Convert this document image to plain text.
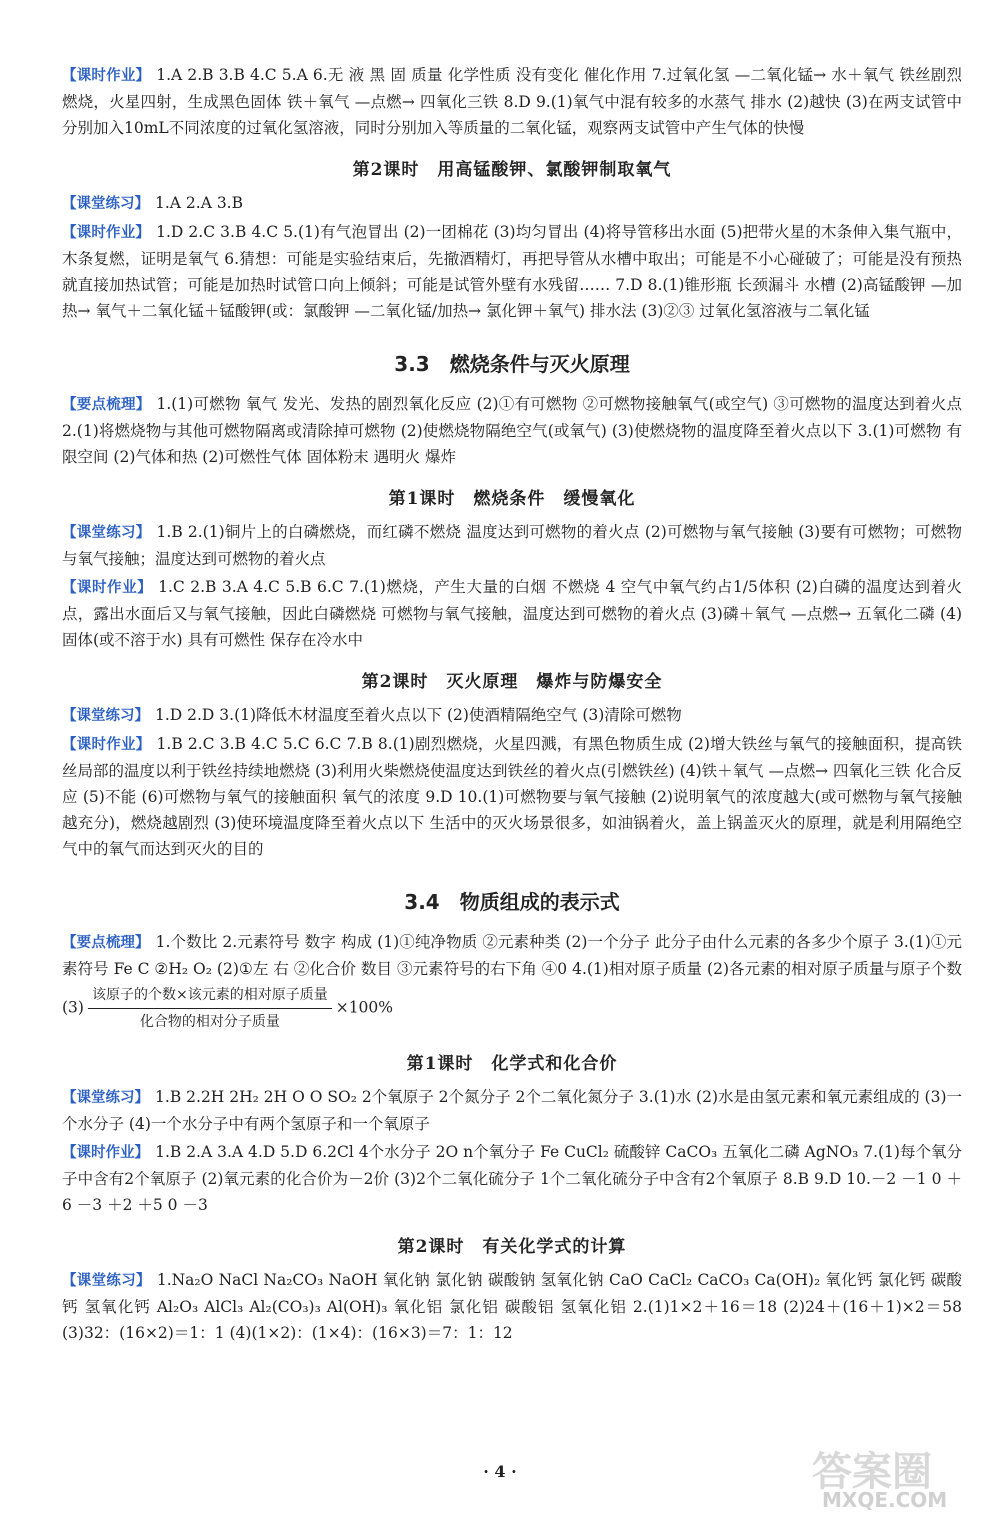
【课时作业】 1.A 2.B 3.B 4.C 5.A 6.无 液 黑 固 质量 化学性质 没有变化 催化作用 7.过氧化氢 —二氧化锰→ 水＋氧气 铁丝剧烈燃烧，火星四射，生成黑色固体 铁＋氧气 —点燃→ 四氧化三铁 8.D 9.(1)氧气中混有较多的水蒸气 排水 (2)越快 (3)在两支试管中分别加入10mL不同浓度的过氧化氢溶液，同时分别加入等质量的二氧化锰，观察两支试管中产生气体的快慢

第2课时　用高锰酸钾、氯酸钾制取氧气

【课堂练习】 1.A 2.A 3.B

【课时作业】 1.D 2.C 3.B 4.C 5.(1)有气泡冒出 (2)一团棉花 (3)均匀冒出 (4)将导管移出水面 (5)把带火星的木条伸入集气瓶中，木条复燃，证明是氧气 6.猜想：可能是实验结束后，先撤酒精灯，再把导管从水槽中取出；可能是不小心碰破了；可能是没有预热就直接加热试管；可能是加热时试管口向上倾斜；可能是试管外壁有水残留…… 7.D 8.(1)锥形瓶 长颈漏斗 水槽 (2)高锰酸钾 —加热→ 氧气＋二氧化锰＋锰酸钾(或：氯酸钾 —二氧化锰/加热→ 氯化钾＋氧气) 排水法 (3)②③ 过氧化氢溶液与二氧化锰

3.3　燃烧条件与灭火原理

【要点梳理】 1.(1)可燃物 氧气 发光、发热的剧烈氧化反应 (2)①有可燃物 ②可燃物接触氧气(或空气) ③可燃物的温度达到着火点 2.(1)将燃烧物与其他可燃物隔离或清除掉可燃物 (2)使燃烧物隔绝空气(或氧气) (3)使燃烧物的温度降至着火点以下 3.(1)可燃物 有限空间 (2)气体和热 (2)可燃性气体 固体粉末 遇明火 爆炸

第1课时　燃烧条件　缓慢氧化

【课堂练习】 1.B 2.(1)铜片上的白磷燃烧，而红磷不燃烧 温度达到可燃物的着火点 (2)可燃物与氧气接触 (3)要有可燃物；可燃物与氧气接触；温度达到可燃物的着火点

【课时作业】 1.C 2.B 3.A 4.C 5.B 6.C 7.(1)燃烧，产生大量的白烟 不燃烧 4 空气中氧气约占1/5体积 (2)白磷的温度达到着火点，露出水面后又与氧气接触，因此白磷燃烧 可燃物与氧气接触，温度达到可燃物的着火点 (3)磷＋氧气 —点燃→ 五氧化二磷 (4)固体(或不溶于水) 具有可燃性 保存在冷水中

第2课时　灭火原理　爆炸与防爆安全

【课堂练习】 1.D 2.D 3.(1)降低木材温度至着火点以下 (2)使酒精隔绝空气 (3)清除可燃物

【课时作业】 1.B 2.C 3.B 4.C 5.C 6.C 7.B 8.(1)剧烈燃烧，火星四溅，有黑色物质生成 (2)增大铁丝与氧气的接触面积，提高铁丝局部的温度以利于铁丝持续地燃烧 (3)利用火柴燃烧使温度达到铁丝的着火点(引燃铁丝) (4)铁＋氧气 —点燃→ 四氧化三铁 化合反应 (5)不能 (6)可燃物与氧气的接触面积 氧气的浓度 9.D 10.(1)可燃物要与氧气接触 (2)说明氧气的浓度越大(或可燃物与氧气接触越充分)，燃烧越剧烈 (3)使环境温度降至着火点以下 生活中的灭火场景很多，如油锅着火，盖上锅盖灭火的原理，就是利用隔绝空气中的氧气而达到灭火的目的

3.4　物质组成的表示式

【要点梳理】 1.个数比 2.元素符号 数字 构成 (1)①纯净物质 ②元素种类 (2)一个分子 此分子由什么元素的各多少个原子 3.(1)①元素符号 Fe C ②H₂ O₂ (2)①左 右 ②化合价 数目 ③元素符号的右下角 ④0 4.(1)相对原子质量 (2)各元素的相对原子质量与原子个数 $(3) \frac{\text{该原子的个数×该元素的相对原子质量}}{\text{化合物的相对分子质量}} \times 100\%$

第1课时　化学式和化合价

【课堂练习】 1.B 2.2H 2H₂ 2H O O SO₂ 2个氧原子 2个氮分子 2个二氧化氮分子 3.(1)水 (2)水是由氢元素和氧元素组成的 (3)一个水分子 (4)一个水分子中有两个氢原子和一个氧原子

【课时作业】 1.B 2.A 3.A 4.D 5.D 6.2Cl 4个水分子 2O n个氧分子 Fe CuCl₂ 硫酸锌 CaCO₃ 五氧化二磷 AgNO₃ 7.(1)每个氧分子中含有2个氧原子 (2)氧元素的化合价为－2价 (3)2个二氧化硫分子 1个二氧化硫分子中含有2个氧原子 8.B 9.D 10.－2 －1 0 ＋6 －3 ＋2 ＋5 0 －3

第2课时　有关化学式的计算

【课堂练习】 1.Na₂O NaCl Na₂CO₃ NaOH 氧化钠 氯化钠 碳酸钠 氢氧化钠 CaO CaCl₂ CaCO₃ Ca(OH)₂ 氧化钙 氯化钙 碳酸钙 氢氧化钙 Al₂O₃ AlCl₃ Al₂(CO₃)₃ Al(OH)₃ 氧化铝 氯化铝 碳酸铝 氢氧化铝 2.(1)1×2＋16＝18 (2)24＋(16＋1)×2＝58 (3)32：(16×2)＝1：1 (4)(1×2)：(1×4)：(16×3)＝7：1：12

· 4 ·	答案圈
MXQE.COM
